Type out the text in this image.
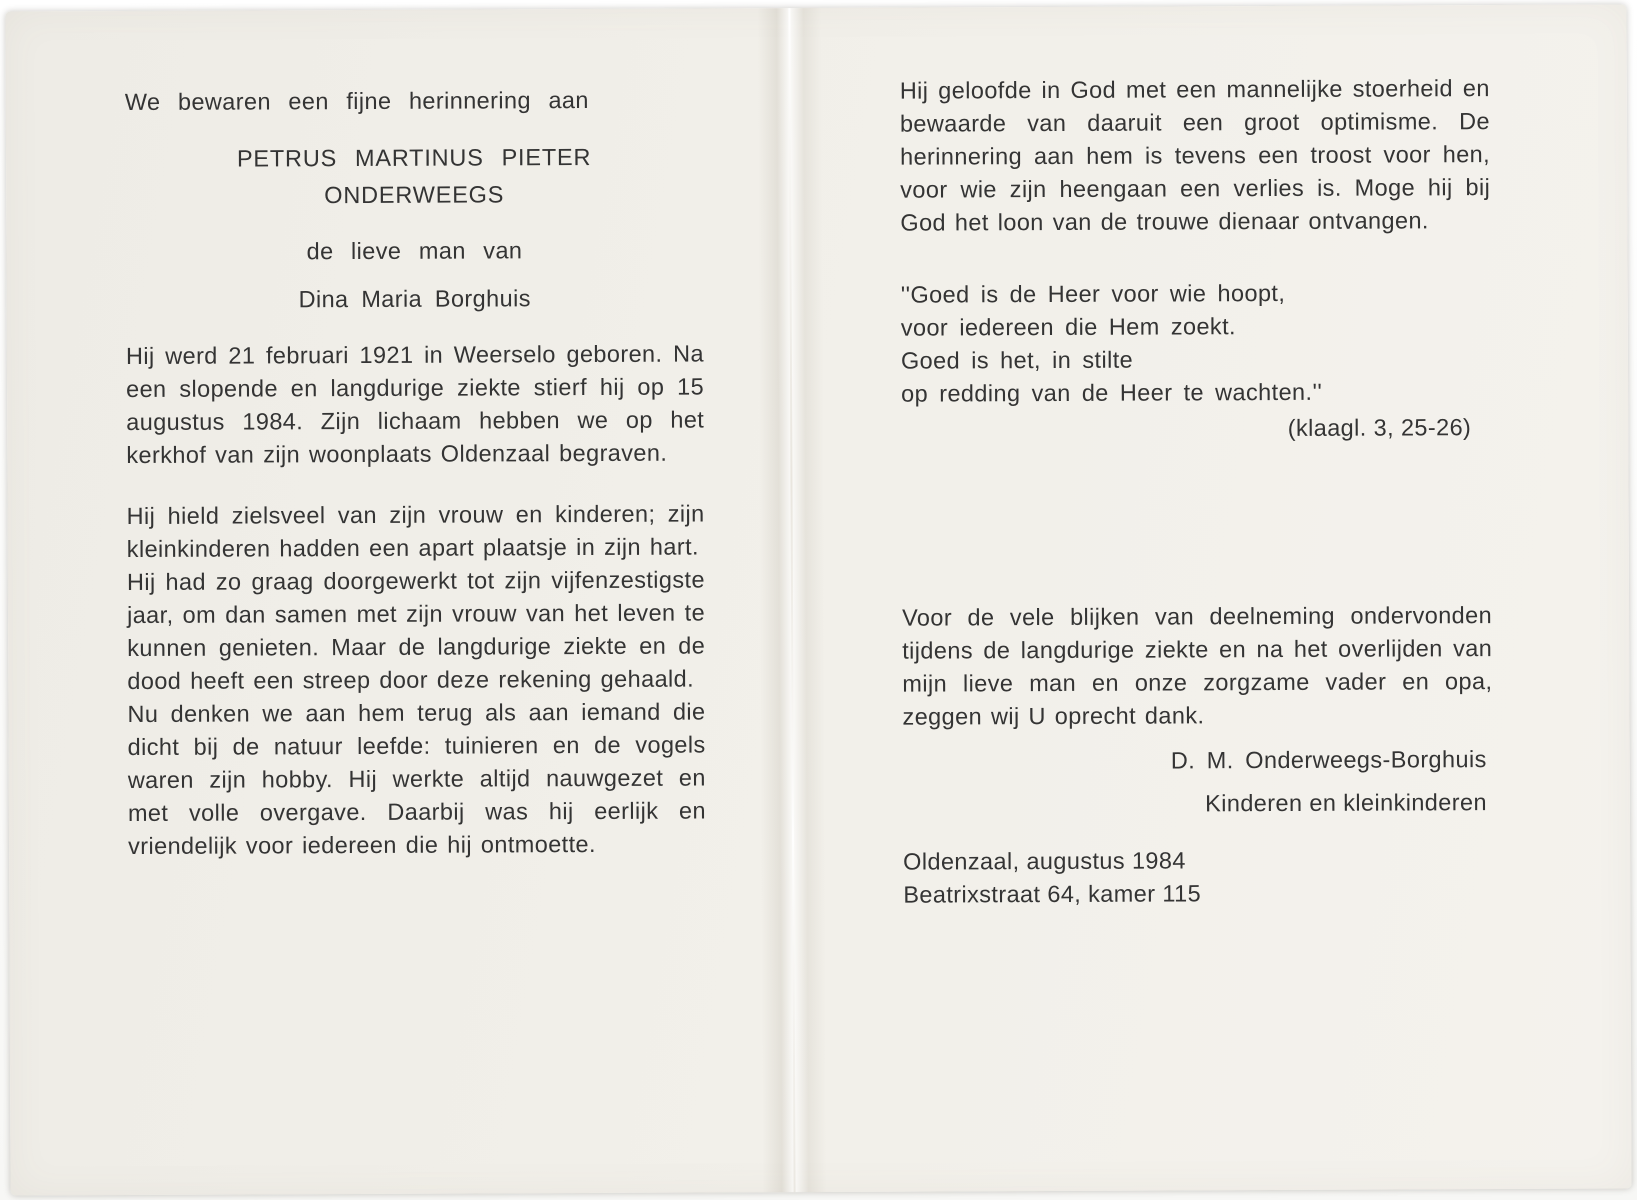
We bewaren een fijne herinnering aan

PETRUS MARTINUS PIETER

ONDERWEEGS

de lieve man van

Dina Maria Borghuis

Hij werd 21 februari 1921 in Weerselo geboren. Na een slopende en langdurige ziekte stierf hij op 15 augustus 1984. Zijn lichaam hebben we op het kerkhof van zijn woonplaats Oldenzaal begraven.

Hij hield zielsveel van zijn vrouw en kinderen; zijn kleinkinderen hadden een apart plaatsje in zijn hart.
Hij had zo graag doorgewerkt tot zijn vijfenzestigste jaar, om dan samen met zijn vrouw van het leven te kunnen genieten. Maar de langdurige ziekte en de dood heeft een streep door deze rekening gehaald.
Nu denken we aan hem terug als aan iemand die dicht bij de natuur leefde: tuinieren en de vogels waren zijn hobby. Hij werkte altijd nauwgezet en met volle overgave. Daarbij was hij eerlijk en vriendelijk voor iedereen die hij ontmoette.

Hij geloofde in God met een mannelijke stoerheid en bewaarde van daaruit een groot optimisme. De herinnering aan hem is tevens een troost voor hen, voor wie zijn heengaan een verlies is. Moge hij bij God het loon van de trouwe dienaar ontvangen.

''Goed is de Heer voor wie hoopt,
voor iedereen die Hem zoekt.
Goed is het, in stilte
op redding van de Heer te wachten.''

(klaagl. 3, 25-26)

Voor de vele blijken van deelneming ondervonden tijdens de langdurige ziekte en na het overlijden van mijn lieve man en onze zorgzame vader en opa, zeggen wij U oprecht dank.

D. M. Onderweegs-Borghuis

Kinderen en kleinkinderen

Oldenzaal, augustus 1984

Beatrixstraat 64, kamer 115
